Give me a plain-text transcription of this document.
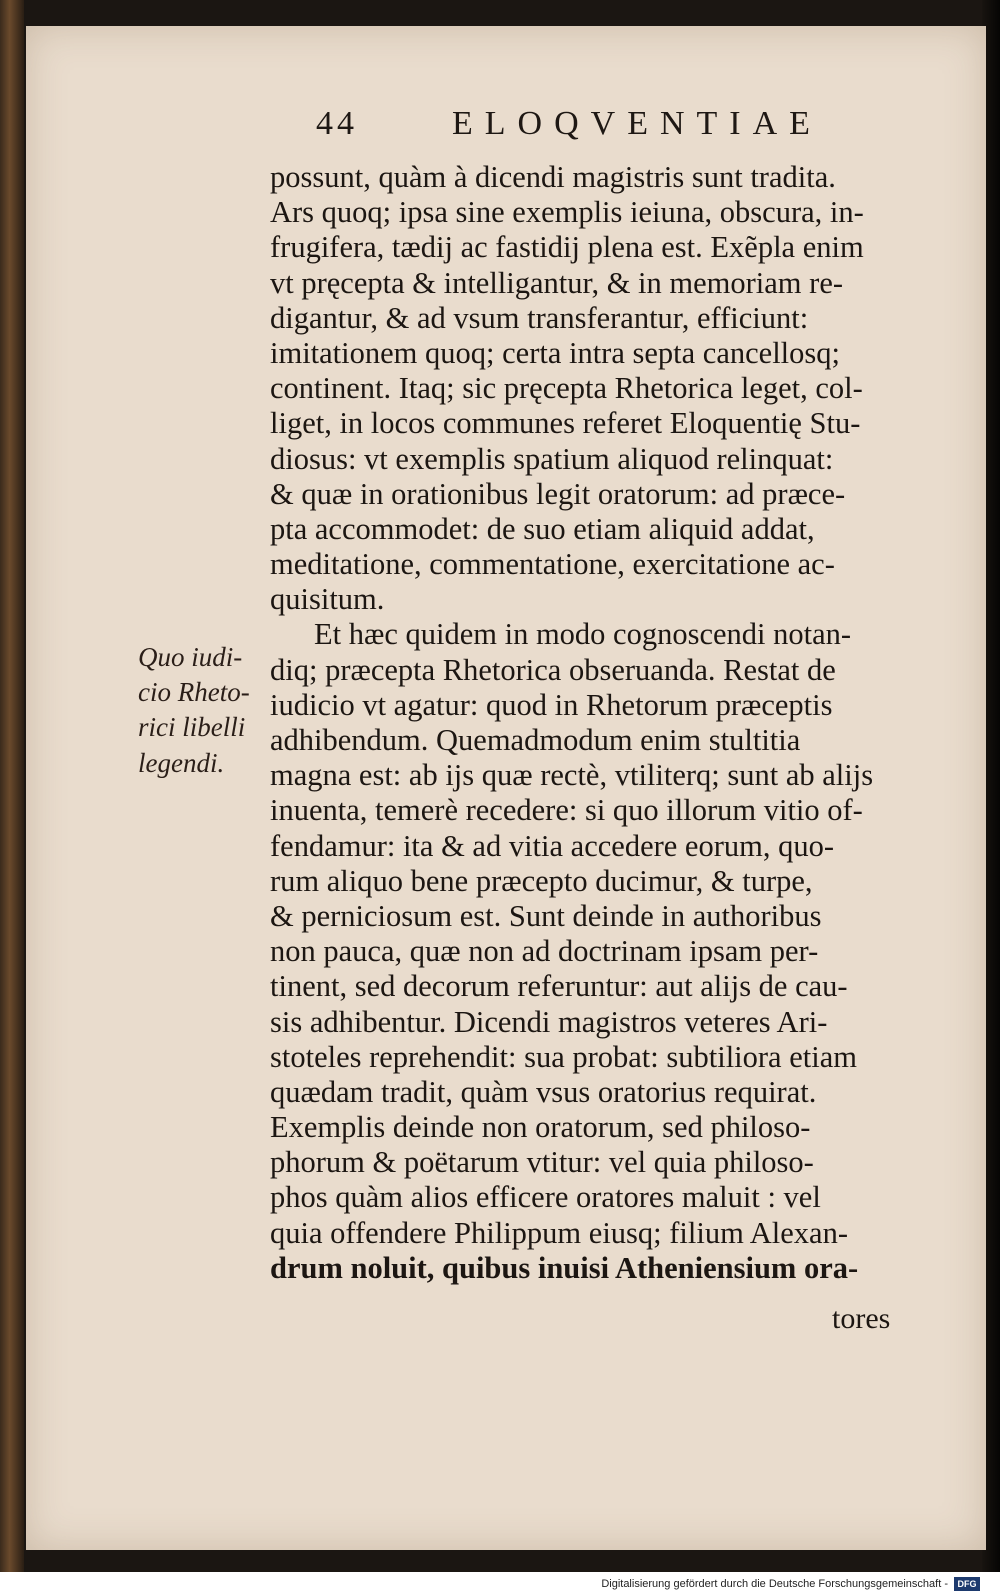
44	ELOQVENTIAE
Quo iudi-
cio Rheto-
rici libelli
legendi.
possunt, quàm à dicendi magistris sunt tradita.
Ars quoq; ipsa sine exemplis ieiuna, obscura, in-
frugifera, tædij ac fastidij plena est. Exẽpla enim
vt pręcepta & intelligantur, & in memoriam re-
digantur, & ad vsum transferantur, efficiunt:
imitationem quoq; certa intra septa cancellosq;
continent. Itaq; sic pręcepta Rhetorica leget, col-
liget, in locos communes referet Eloquentię Stu-
diosus: vt exemplis spatium aliquod relinquat:
& quæ in orationibus legit oratorum: ad præce-
pta accommodet: de suo etiam aliquid addat,
meditatione, commentatione, exercitatione ac-
quisitum.
Et hæc quidem in modo cognoscendi notan-
diq; præcepta Rhetorica obseruanda. Restat de
iudicio vt agatur: quod in Rhetorum præceptis
adhibendum. Quemadmodum enim stultitia
magna est: ab ijs quæ rectè, vtiliterq; sunt ab alijs
inuenta, temerè recedere: si quo illorum vitio of-
fendamur: ita & ad vitia accedere eorum, quo-
rum aliquo bene præcepto ducimur, & turpe,
& perniciosum est. Sunt deinde in authoribus
non pauca, quæ non ad doctrinam ipsam per-
tinent, sed decorum referuntur: aut alijs de cau-
sis adhibentur. Dicendi magistros veteres Ari-
stoteles reprehendit: sua probat: subtiliora etiam
quædam tradit, quàm vsus oratorius requirat.
Exemplis deinde non oratorum, sed philoso-
phorum & poëtarum vtitur: vel quia philoso-
phos quàm alios efficere oratores maluit : vel
quia offendere Philippum eiusq; filium Alexan-
drum noluit, quibus inuisi Atheniensium ora-
tores
Digitalisierung gefördert durch die Deutsche Forschungsgemeinschaft -	DFG
